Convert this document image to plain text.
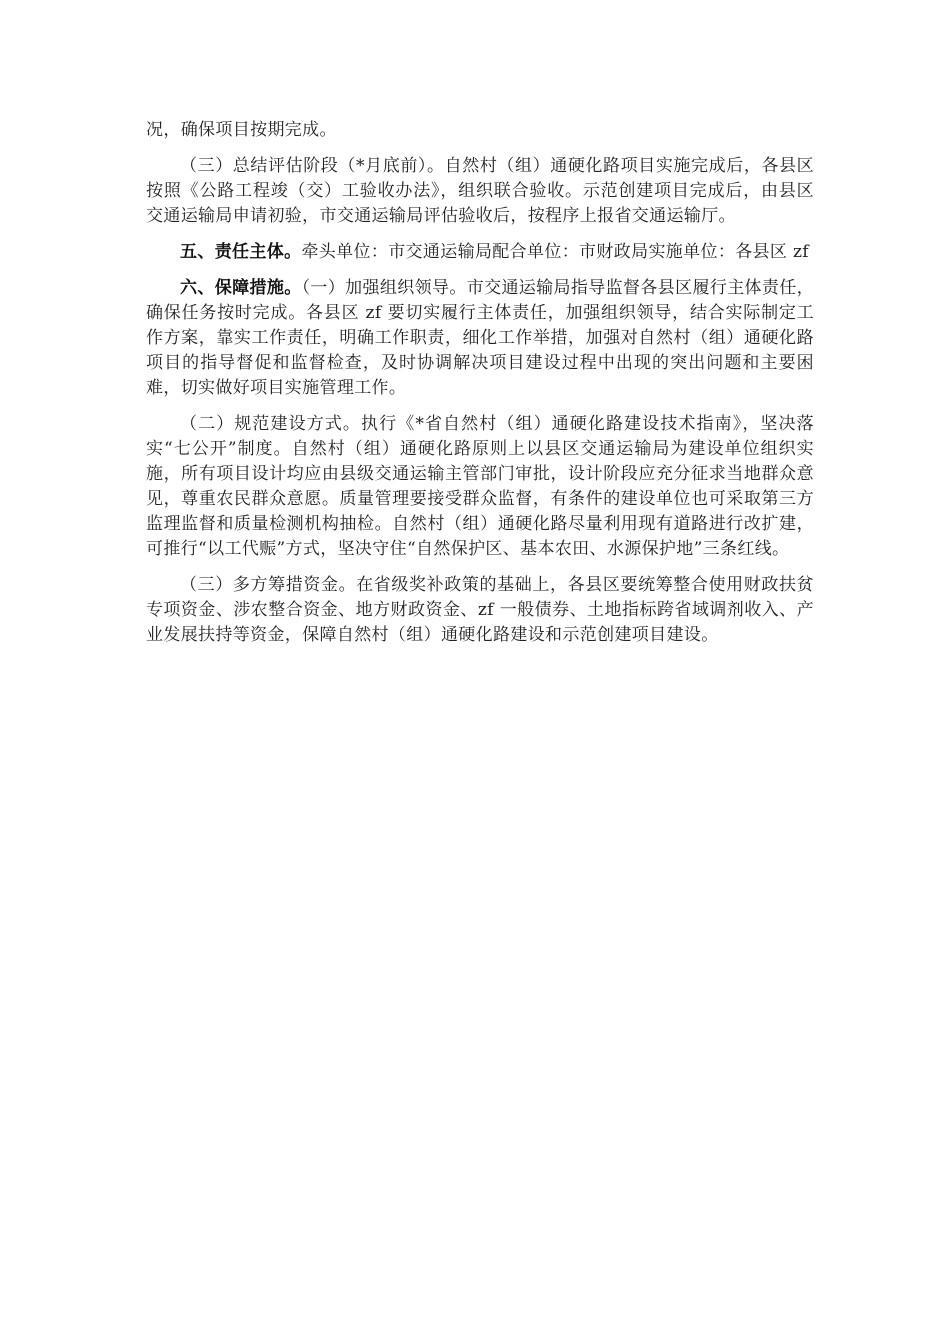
况，确保项目按期完成。

（三）总结评估阶段（*月底前）。自然村（组）通硬化路项目实施完成后，各县区按照《公路工程竣（交）工验收办法》，组织联合验收。示范创建项目完成后，由县区交通运输局申请初验，市交通运输局评估验收后，按程序上报省交通运输厅。

五、责任主体。牵头单位：市交通运输局配合单位：市财政局实施单位：各县区 zf

六、保障措施。（一）加强组织领导。市交通运输局指导监督各县区履行主体责任，确保任务按时完成。各县区 zf 要切实履行主体责任，加强组织领导，结合实际制定工作方案，靠实工作责任，明确工作职责，细化工作举措，加强对自然村（组）通硬化路项目的指导督促和监督检查，及时协调解决项目建设过程中出现的突出问题和主要困难，切实做好项目实施管理工作。

（二）规范建设方式。执行《*省自然村（组）通硬化路建设技术指南》，坚决落实“七公开”制度。自然村（组）通硬化路原则上以县区交通运输局为建设单位组织实施，所有项目设计均应由县级交通运输主管部门审批，设计阶段应充分征求当地群众意见，尊重农民群众意愿。质量管理要接受群众监督，有条件的建设单位也可采取第三方监理监督和质量检测机构抽检。自然村（组）通硬化路尽量利用现有道路进行改扩建，可推行“以工代赈”方式，坚决守住“自然保护区、基本农田、水源保护地”三条红线。

（三）多方筹措资金。在省级奖补政策的基础上，各县区要统筹整合使用财政扶贫专项资金、涉农整合资金、地方财政资金、zf 一般债券、土地指标跨省域调剂收入、产业发展扶持等资金，保障自然村（组）通硬化路建设和示范创建项目建设。
